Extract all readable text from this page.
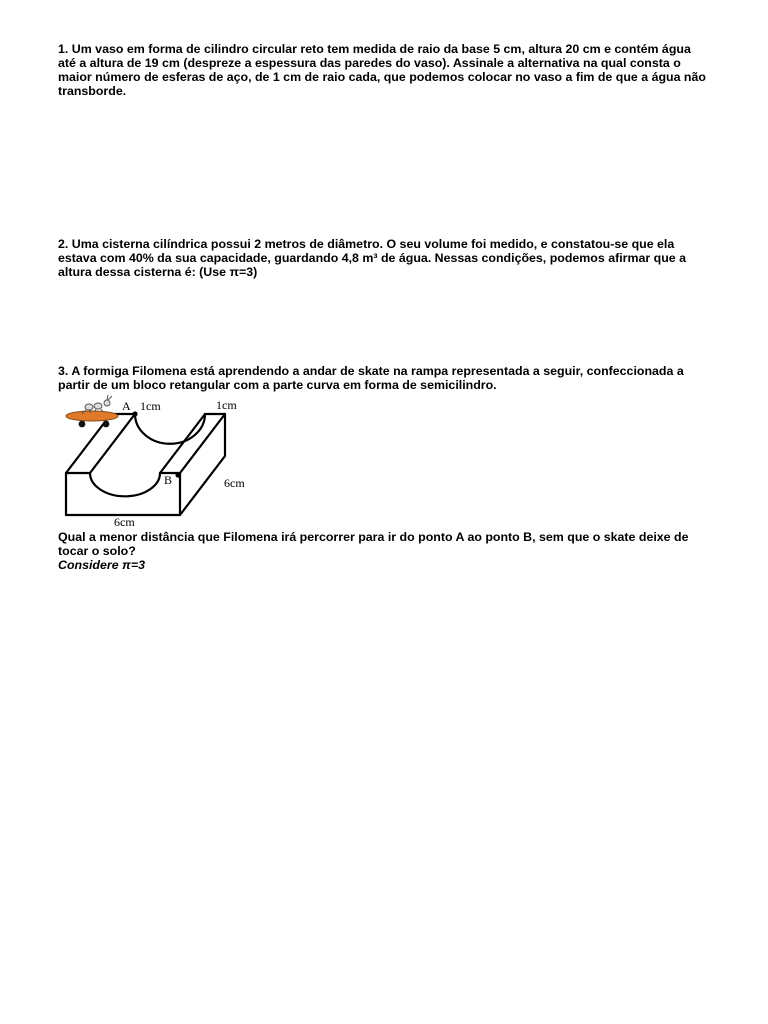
1. Um vaso em forma de cilindro circular reto tem medida de raio da base 5 cm, altura 20 cm e contém água até a altura de 19 cm (despreze a espessura das paredes do vaso). Assinale a alternativa na qual consta o maior número de esferas de aço, de 1 cm de raio cada, que podemos colocar no vaso a fim de que a água não transborde.

2. Uma cisterna cilíndrica possui 2 metros de diâmetro. O seu volume foi medido, e constatou-se que ela estava com 40% da sua capacidade, guardando 4,8 m³ de água. Nessas condições, podemos afirmar que a altura dessa cisterna é: (Use π=3)

3. A formiga Filomena está aprendendo a andar de skate na rampa representada a seguir, confeccionada a partir de um bloco retangular com a parte curva em forma de semicilindro.

A 1cm	1cm
B	6cm
6cm

Qual a menor distância que Filomena irá percorrer para ir do ponto A ao ponto B, sem que o skate deixe de tocar o solo?

Considere π=3
